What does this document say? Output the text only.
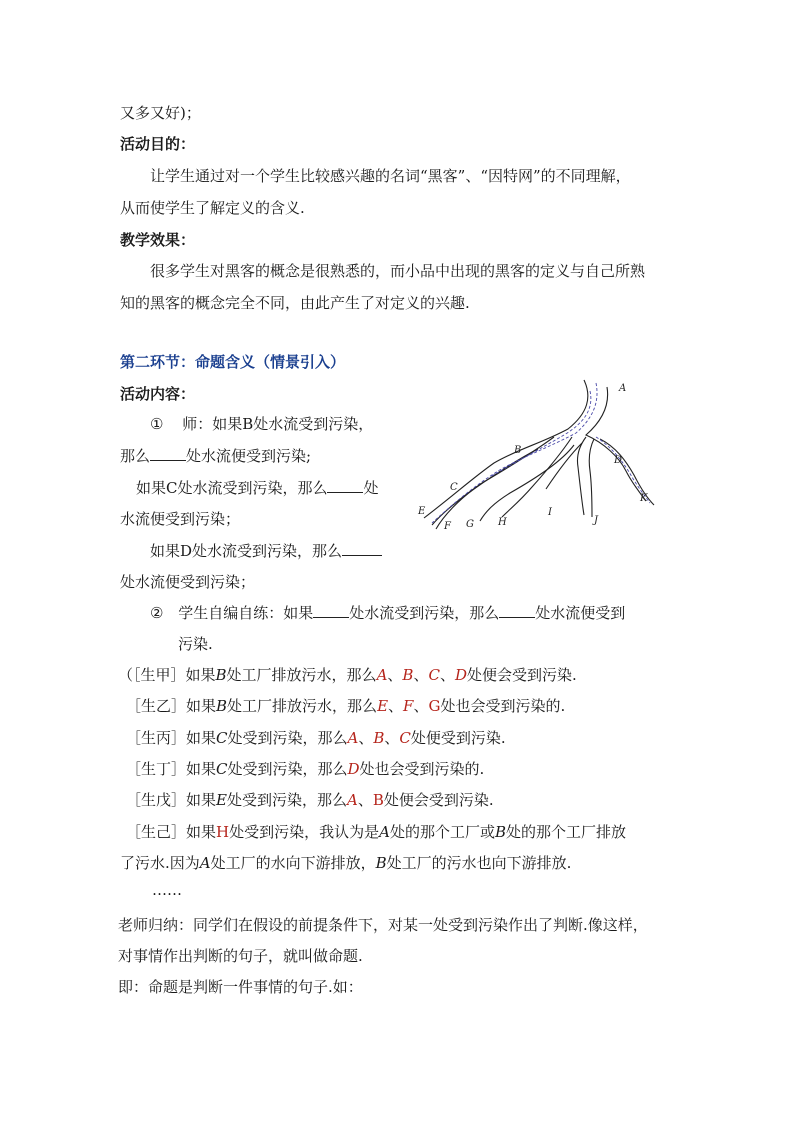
又多又好)；
活动目的：
让学生通过对一个学生比较感兴趣的名词“黑客”、“因特网”的不同理解，
从而使学生了解定义的含义.
教学效果：
很多学生对黑客的概念是很熟悉的，而小品中出现的黑客的定义与自己所熟
知的黑客的概念完全不同，由此产生了对定义的兴趣.
第二环节：命题含义（情景引入）
活动内容：
① 师：如果B处水流受到污染，
那么 处水流便受到污染;
如果C处水流受到污染，那么 处
水流便受到污染；
如果D处水流受到污染，那么
处水流便受到污染；
② 学生自编自练：如果 处水流受到污染，那么 处水流便受到
污染.
（［生甲］如果B处工厂排放污水，那么A、B、C、D处便会受到污染.
［生乙］如果B处工厂排放污水，那么E、F、G处也会受到污染的.
［生丙］如果C处受到污染，那么A、B、C处便受到污染.
［生丁］如果C处受到污染，那么D处也会受到污染的.
［生戊］如果E处受到污染，那么A、B处便会受到污染.
［生己］如果H处受到污染，我认为是A处的那个工厂或B处的那个工厂排放
了污水.因为A处工厂的水向下游排放，B处工厂的污水也向下游排放.
……
老师归纳：同学们在假设的前提条件下，对某一处受到污染作出了判断.像这样，
对事情作出判断的句子，就叫做命题.
即：命题是判断一件事情的句子.如：
A
B
C
D
E
F G H
I
J
K
